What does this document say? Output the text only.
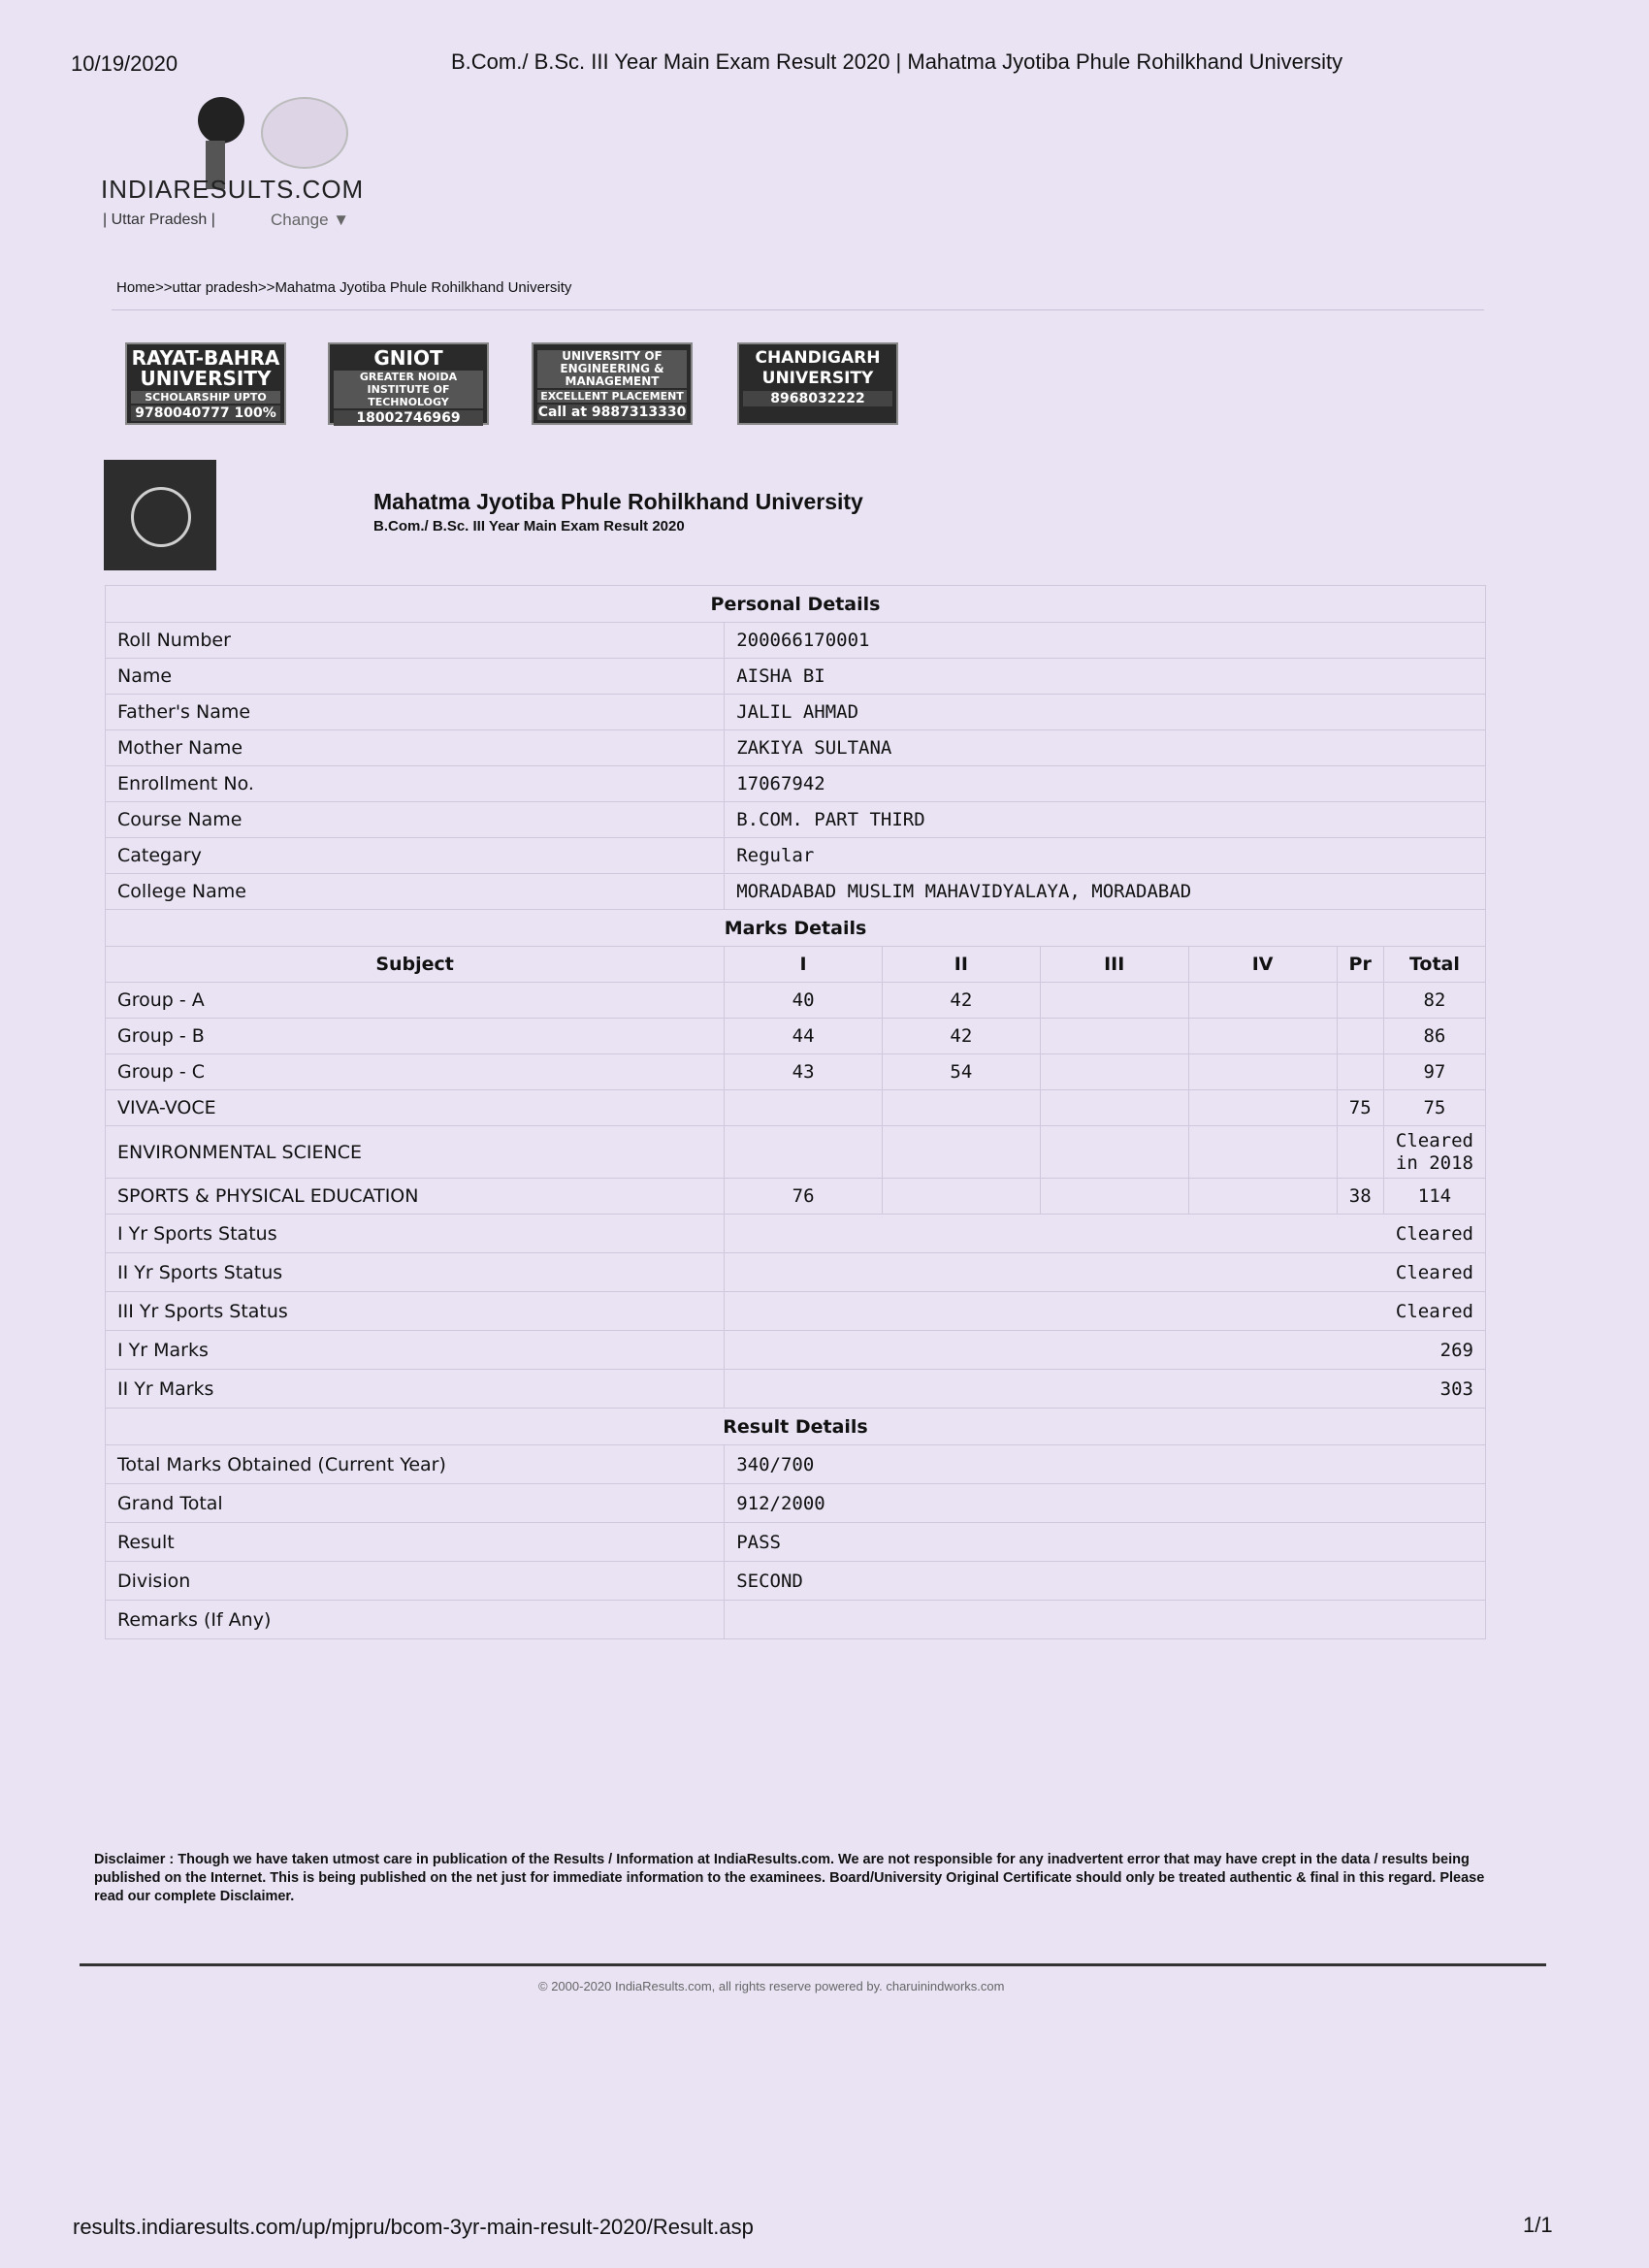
10/19/2020	B.Com./ B.Sc. III Year Main Exam Result 2020 | Mahatma Jyotiba Phule Rohilkhand University
INDIARESULTS.COM
| Uttar Pradesh |	Change ▼
Home>>uttar pradesh>>Mahatma Jyotiba Phule Rohilkhand University
RAYAT-BAHRA UNIVERSITY
SCHOLARSHIP UPTO
9780040777 100%
GNIOT
GREATER NOIDA INSTITUTE OF TECHNOLOGY
18002746969
UNIVERSITY OF ENGINEERING & MANAGEMENT
EXCELLENT PLACEMENT
Call at 9887313330
CHANDIGARH UNIVERSITY
8968032222
Mahatma Jyotiba Phule Rohilkhand University
B.Com./ B.Sc. III Year Main Exam Result 2020
Personal Details						
Roll Number	200066170001					
Name	AISHA BI					
Father's Name	JALIL AHMAD					
Mother Name	ZAKIYA SULTANA					
Enrollment No.	17067942					
Course Name	B.COM. PART THIRD					
Categary	Regular					
College Name	MORADABAD MUSLIM MAHAVIDYALAYA, MORADABAD					
Marks Details						
Subject	I	II	III	IV	Pr	Total
Group - A	40	42				82
Group - B	44	42				86
Group - C	43	54				97
VIVA-VOCE					75	75
ENVIRONMENTAL SCIENCE						Cleared in 2018
SPORTS & PHYSICAL EDUCATION	76				38	114
I Yr Sports Status	Cleared					
II Yr Sports Status	Cleared					
III Yr Sports Status	Cleared					
I Yr Marks	269					
II Yr Marks	303					
Result Details						
Total Marks Obtained (Current Year)	340/700					
Grand Total	912/2000					
Result	PASS					
Division	SECOND					
Remarks (If Any)						
Disclaimer : Though we have taken utmost care in publication of the Results / Information at IndiaResults.com. We are not responsible for any inadvertent error that may have crept in the data / results being published on the Internet. This is being published on the net just for immediate information to the examinees. Board/University Original Certificate should only be treated authentic & final in this regard. Please read our complete Disclaimer.
© 2000-2020 IndiaResults.com, all rights reserve powered by. charuinindworks.com
results.indiaresults.com/up/mjpru/bcom-3yr-main-result-2020/Result.asp	1/1
